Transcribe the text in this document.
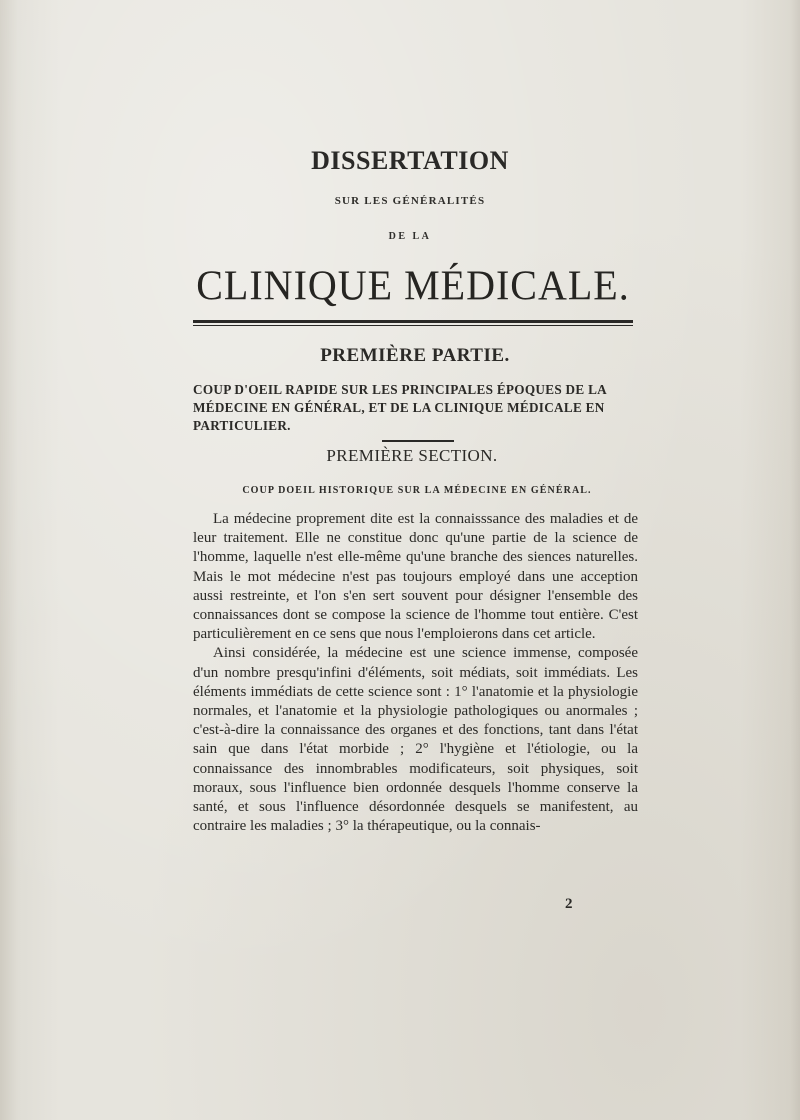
DISSERTATION
SUR LES GÉNÉRALITÉS
DE LA
CLINIQUE MÉDICALE.
PREMIÈRE PARTIE.
COUP D'OEIL RAPIDE SUR LES PRINCIPALES ÉPOQUES DE LA MÉDECINE EN GÉNÉRAL, ET DE LA CLINIQUE MÉDICALE EN PARTICULIER.
PREMIÈRE SECTION.
COUP DOEIL HISTORIQUE SUR LA MÉDECINE EN GÉNÉRAL.

La médecine proprement dite est la connaisssance des maladies et de leur traitement. Elle ne constitue donc qu'une partie de la science de l'homme, laquelle n'est elle-même qu'une branche des siences naturelles. Mais le mot médecine n'est pas toujours employé dans une acception aussi restreinte, et l'on s'en sert souvent pour désigner l'ensemble des connaissances dont se compose la science de l'homme tout entière. C'est particulièrement en ce sens que nous l'emploierons dans cet article.

Ainsi considérée, la médecine est une science immense, composée d'un nombre presqu'infini d'éléments, soit médiats, soit immédiats. Les éléments immédiats de cette science sont : 1° l'anatomie et la physiologie normales, et l'anatomie et la physiologie pathologiques ou anormales ; c'est-à-dire la connaissance des organes et des fonctions, tant dans l'état sain que dans l'état morbide ; 2° l'hygiène et l'étiologie, ou la connaissance des innombrables modificateurs, soit physiques, soit moraux, sous l'influence bien ordonnée desquels l'homme conserve la santé, et sous l'influence désordonnée desquels se manifestent, au contraire les maladies ; 3° la thérapeutique, ou la connais-

2
